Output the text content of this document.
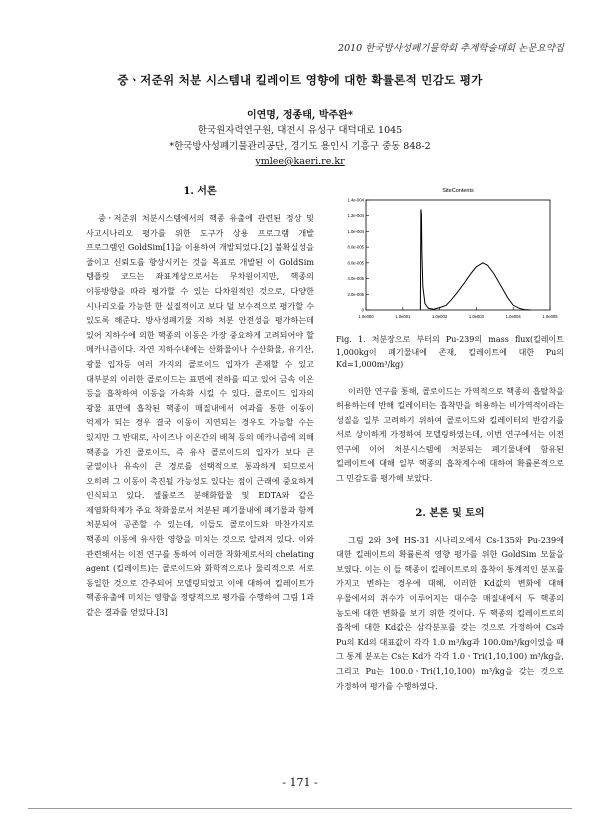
2010 한국방사성폐기물학회 추계학술대회 논문요약집
중ㆍ저준위 처분 시스템내 킬레이트 영향에 대한 확률론적 민감도 평가
이연명, 정종태, 박주완*
한국원자력연구원, 대전시 유성구 대덕대로 1045
*한국방사성폐기물관리공단, 경기도 용인시 기흥구 중동 848-2
ymlee@kaeri.re.kr
1. 서론

중ㆍ저준위 처분시스템에서의 핵종 유출에 관련된 정상 및 사고시나리오 평가를 위한 도구가 상용 프로그램 개발 프로그램인 GoldSim[1]을 이용하여 개발되었다.[2] 불확실성을 줄이고 신뢰도를 향상시키는 것을 목표로 개발된 이 GoldSim 템플릿 코드는 좌표계상으로서는 무차원이지만, 핵종의 이동방향을 따라 평가할 수 있는 다차원적인 것으로, 다양한 시나리오를 가능한 한 실질적이고 보다 덜 보수적으로 평가할 수 있도록 해준다. 방사성폐기물 지하 처분 안전성을 평가하는데 있어 지하수에 의한 핵종의 이동은 가장 중요하게 고려되어야 할 메카니즘이다. 자연 지하수내에는 산화물이나 수산화물, 유기산, 광물 입자등 여러 가지의 콜로이드 입자가 존재할 수 있고 대부분의 이러한 콜로이드는 표면에 전하를 띠고 있어 금속 이온 등을 흡착하여 이동을 가속화 시킬 수 있다. 콜로이드 입자의 광물 표면에 흡착된 핵종이 매질내에서 여과를 통한 이동이 억제가 되는 경우 결국 이동이 지연되는 경우도 가능할 수는 있지만 그 반대로, 사이즈나 이온간의 배척 등의 메카니즘에 의해 핵종을 가진 콜로이드, 즉 유사 콜로이드의 입자가 보다 큰 균열이나 유속이 큰 경로를 선택적으로 통과하게 되므로서 오히려 그 이동이 촉진될 가능성도 있다는 점이 근래에 중요하게 인식되고 있다. 셀룰로즈 분해화합물 및 EDTA와 같은 제염화학제가 주요 착화물로서 처분된 폐기물내에 폐기물과 함께 처분되어 공존할 수 있는데, 이들도 콜로이드와 마찬가지로 핵종의 이동에 유사한 영향을 미치는 것으로 알려져 있다. 이와 관련해서는 이전 연구를 통하여 이러한 착화제로서의 chelating agent (킬레이트)는 콜로이드와 화학적으로나 물리적으로 서로 동일한 것으로 간주되어 모델링되었고 이에 대하여 킬레이트가 핵종유출에 미치는 영향을 정량적으로 평가를 수행하여 그림 1과 같은 결과를 얻었다.[3]

SiteContents
1.0e000	1.0e001	1.0e002	1.0e003	1.0e004	1.0e005
0
2.0e-005
4.0e-005
6.0e-005
8.0e-005
1.0e-004
1.2e-004
1.4e-004

Fig. 1. 처분장으로 부터의 Pu-239의 mass flux(킬레이트 1,000kg이 폐기물내에 존재, 킬레이트에 대한 Pu의 Kd=1,000m³/kg)

이러한 연구를 통해, 콜로이드는 가역적으로 핵종의 흡탈착을 허용하는데 반해 킬레이터는 흡착만을 허용하는 비가역적이라는 성질을 일부 고려하기 위하여 콜로이드와 킬레이터의 반감기를 서로 상이하게 가정하여 모델링하였는데, 이번 연구에서는 이전 연구에 이어 처분시스템에 처분되는 폐기물내에 함유된 킬레이트에 대해 일부 핵종의 흡착계수에 대하여 확률론적으로 그 민감도를 평가해 보았다.

2. 본론 및 토의

그림 2와 3에 HS-31 시나리오에서 Cs-135와 Pu-239에 대한 킬레이트의 확률론적 영향 평가를 위한 GoldSim 모듈을 보였다. 이는 이 들 핵종이 킬레이트로의 흡착이 통계적인 분포를 가지고 변하는 경우에 대해, 이러한 Kd값의 변화에 대해 우물에서의 취수가 이루어지는 대수층 매질내에서 두 핵종의 농도에 대한 변화를 보기 위한 것이다. 두 핵종의 킬레이트로의 흡착에 대한 Kd값은 삼각분포를 갖는 것으로 가정하여 Cs과 Pu의 Kd의 대표값이 각각 1.0 m³/kg과 100.0m³/kg이었을 때 그 통계 분포는 Cs는 Kd가 각각 1.0ㆍTri(1,10,100) m³/kg을, 그리고 Pu는 100.0ㆍTri(1,10,100) m³/kg을 갖는 것으로 가정하여 평가를 수행하였다.

- 171 -
